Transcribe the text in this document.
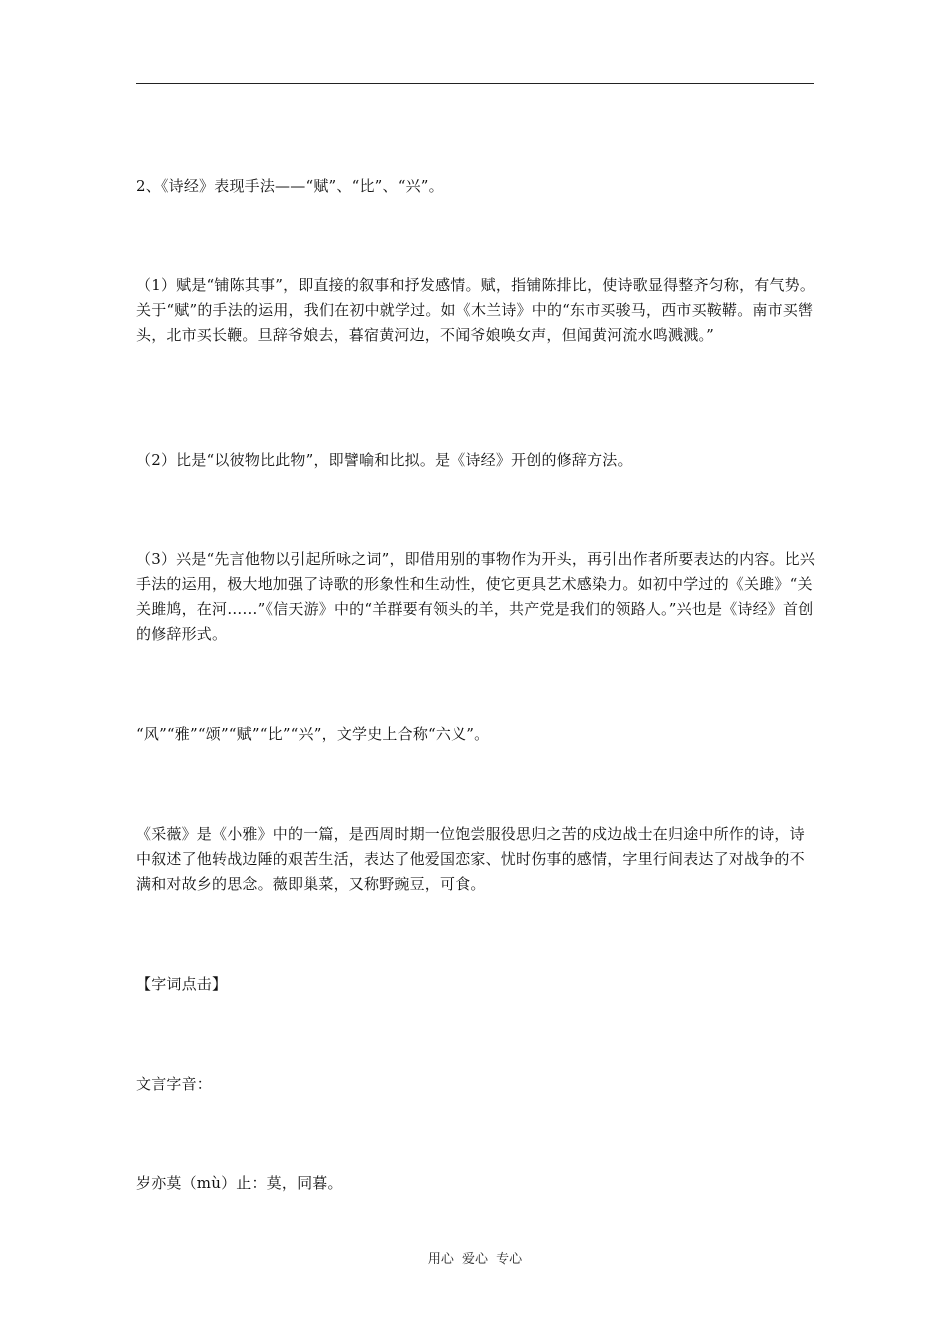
2、《诗经》表现手法——“赋”、“比”、“兴”。

（1）赋是“铺陈其事”，即直接的叙事和抒发感情。赋，指铺陈排比，使诗歌显得整齐匀称，有气势。关于“赋”的手法的运用，我们在初中就学过。如《木兰诗》中的“东市买骏马，西市买鞍鞯。南市买辔头，北市买长鞭。旦辞爷娘去，暮宿黄河边，不闻爷娘唤女声，但闻黄河流水鸣溅溅。”

（2）比是“以彼物比此物”，即譬喻和比拟。是《诗经》开创的修辞方法。

（3）兴是“先言他物以引起所咏之词”，即借用别的事物作为开头，再引出作者所要表达的内容。比兴手法的运用，极大地加强了诗歌的形象性和生动性，使它更具艺术感染力。如初中学过的《关雎》“关关雎鸠，在河……”《信天游》中的“羊群要有领头的羊，共产党是我们的领路人。”兴也是《诗经》首创的修辞形式。

“风”“雅”“颂”“赋”“比”“兴”，文学史上合称“六义”。

《采薇》是《小雅》中的一篇，是西周时期一位饱尝服役思归之苦的戍边战士在归途中所作的诗，诗中叙述了他转战边陲的艰苦生活，表达了他爱国恋家、忧时伤事的感情，字里行间表达了对战争的不满和对故乡的思念。薇即巢菜，又称野豌豆，可食。

【字词点击】

文言字音：

岁亦莫（mù）止：莫，同暮。

用心 爱心 专心
